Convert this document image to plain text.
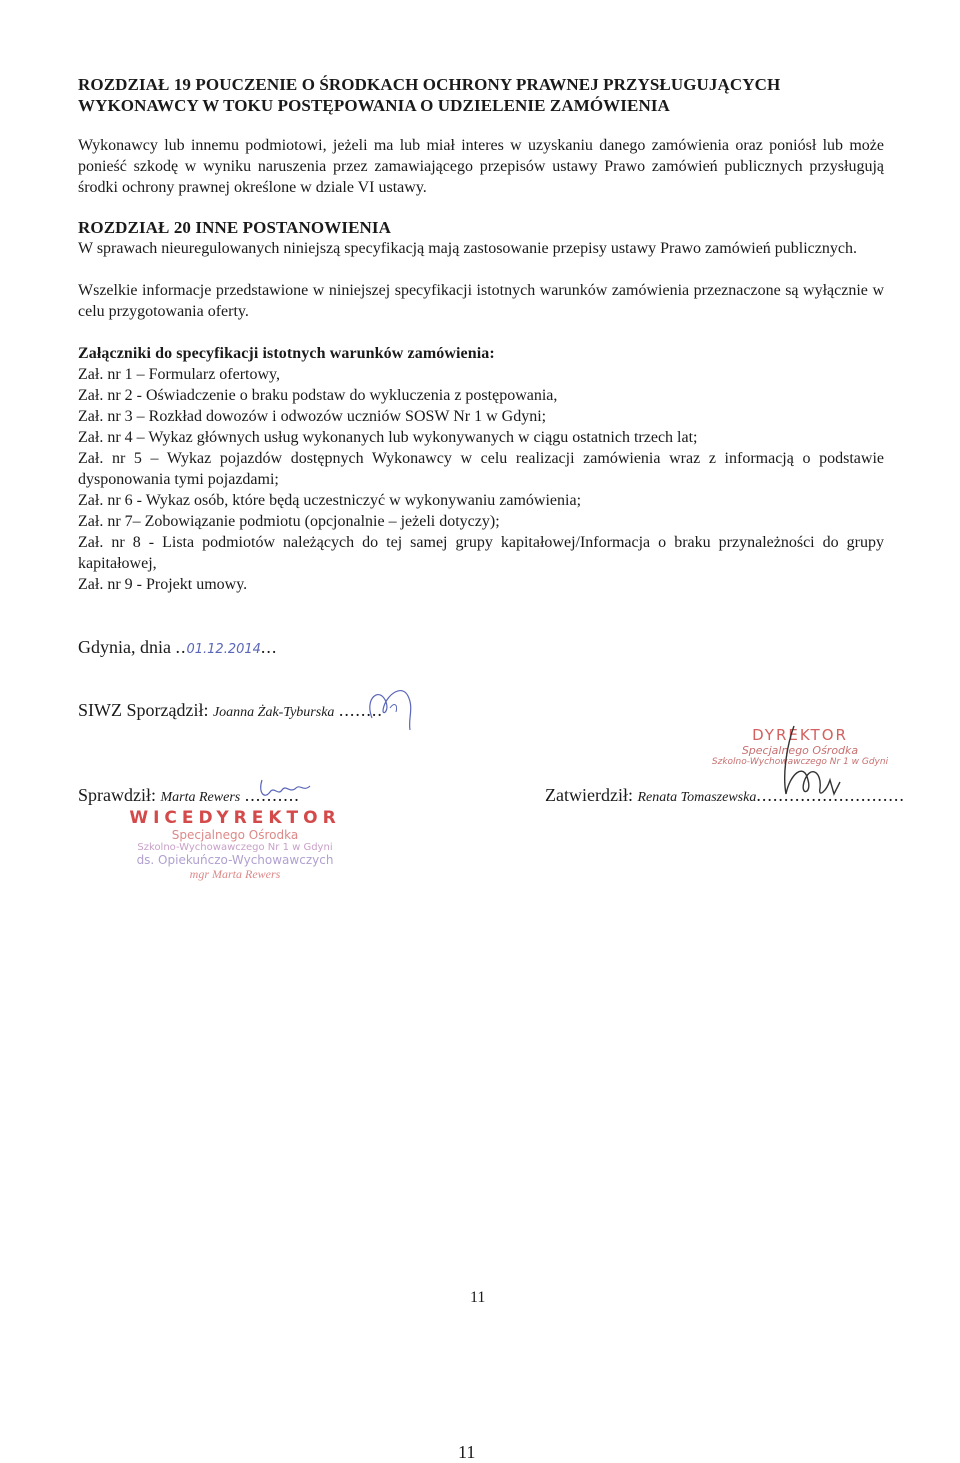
ROZDZIAŁ 19 POUCZENIE O ŚRODKACH OCHRONY PRAWNEJ PRZYSŁUGUJĄCYCH
WYKONAWCY W TOKU POSTĘPOWANIA O UDZIELENIE ZAMÓWIENIA
Wykonawcy lub innemu podmiotowi, jeżeli ma lub miał interes w uzyskaniu danego zamówienia oraz poniósł lub może ponieść szkodę w wyniku naruszenia przez zamawiającego przepisów ustawy Prawo zamówień publicznych przysługują środki ochrony prawnej określone w dziale VI ustawy.
ROZDZIAŁ 20 INNE POSTANOWIENIA
W sprawach nieuregulowanych niniejszą specyfikacją mają zastosowanie przepisy ustawy Prawo zamówień publicznych.
Wszelkie informacje przedstawione w niniejszej specyfikacji istotnych warunków zamówienia przeznaczone są wyłącznie w celu przygotowania oferty.
Załączniki do specyfikacji istotnych warunków zamówienia:
Zał. nr 1 – Formularz ofertowy,
Zał. nr 2 - Oświadczenie o braku podstaw do wykluczenia z postępowania,
Zał. nr 3 – Rozkład dowozów i odwozów uczniów SOSW Nr 1 w Gdyni;
Zał. nr 4 – Wykaz głównych usług wykonanych lub wykonywanych w ciągu ostatnich trzech lat;
Zał. nr 5 – Wykaz pojazdów dostępnych Wykonawcy w celu realizacji zamówienia wraz z informacją o podstawie dysponowania tymi pojazdami;
Zał. nr 6 - Wykaz osób, które będą uczestniczyć w wykonywaniu zamówienia;
Zał. nr 7– Zobowiązanie podmiotu (opcjonalnie – jeżeli dotyczy);
Zał. nr 8 - Lista podmiotów należących do tej samej grupy kapitałowej/Informacja o braku przynależności do grupy kapitałowej,
Zał. nr 9 - Projekt umowy.
Gdynia, dnia ..01.12.2014...
SIWZ Sporządził: Joanna Żak-Tyburska ........
DYREKTOR
Specjalnego Ośrodka
Szkolno-Wychowawczego Nr 1 w Gdyni
Sprawdził: Marta Rewers ..........	Zatwierdził: Renata Tomaszewska...........................
WICEDYREKTOR
Specjalnego Ośrodka
Szkolno-Wychowawczego Nr 1 w Gdyni
ds. Opiekuńczo-Wychowawczych
mgr Marta Rewers
11
11
